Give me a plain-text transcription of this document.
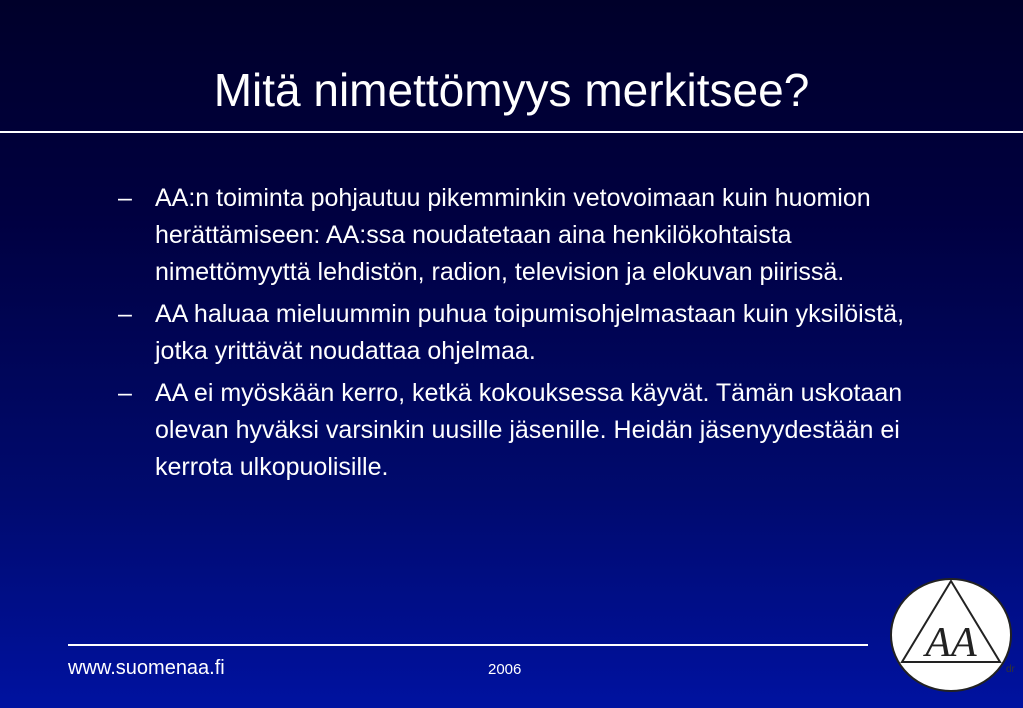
Mitä nimettömyys merkitsee?
– AA:n toiminta pohjautuu pikemminkin vetovoimaan kuin huomion herättämiseen: AA:ssa noudatetaan aina henkilökohtaista nimettömyyttä lehdistön, radion, television ja elokuvan piirissä.
– AA haluaa mieluummin puhua toipumisohjelmastaan kuin yksilöistä, jotka yrittävät noudattaa ohjelmaa.
– AA ei myöskään kerro, ketkä kokouksessa käyvät. Tämän uskotaan olevan hyväksi varsinkin uusille jäsenille. Heidän jäsenyydestään ei kerrota ulkopuolisille.
www.suomenaa.fi	2006
AA
dr
